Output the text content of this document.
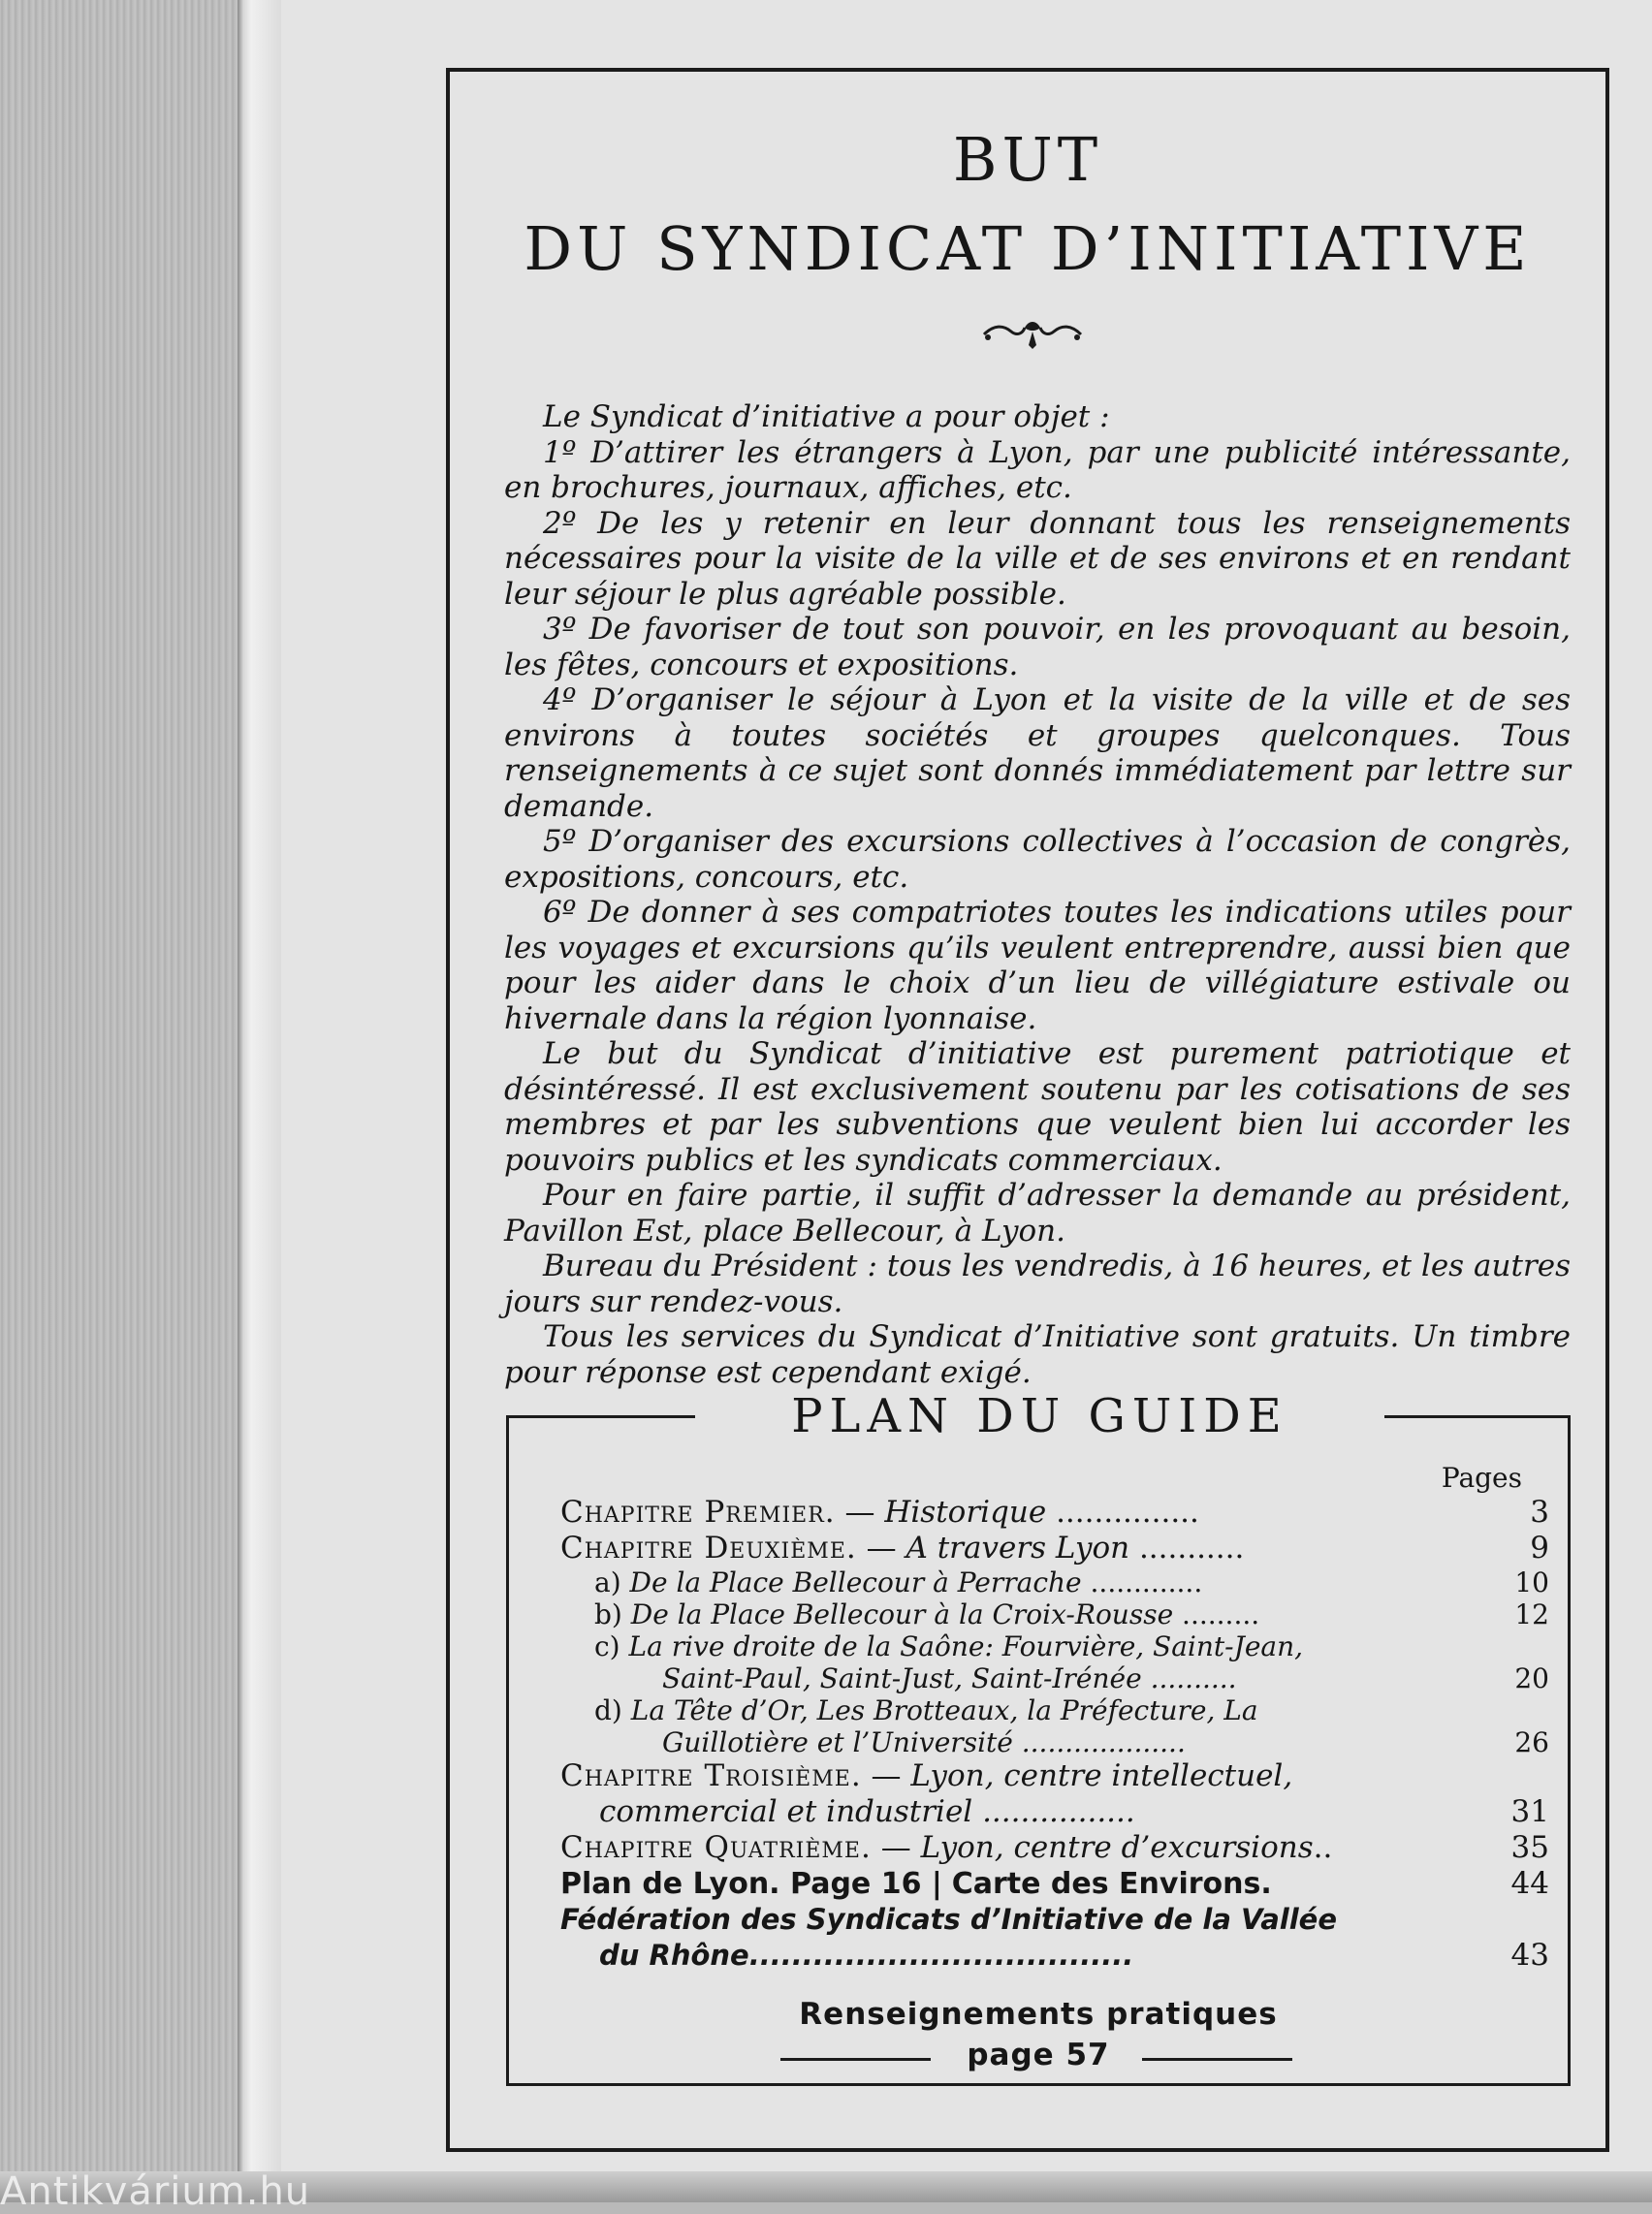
BUT
DU SYNDICAT D’INITIATIVE

Le Syndicat d’initiative a pour objet :

1º D’attirer les étrangers à Lyon, par une publicité intéressante, en brochures, journaux, affiches, etc.

2º De les y retenir en leur donnant tous les renseignements nécessaires pour la visite de la ville et de ses environs et en rendant leur séjour le plus agréable possible.

3º De favoriser de tout son pouvoir, en les provoquant au besoin, les fêtes, concours et expositions.

4º D’organiser le séjour à Lyon et la visite de la ville et de ses environs à toutes sociétés et groupes quelconques. Tous renseignements à ce sujet sont donnés immédiatement par lettre sur demande.

5º D’organiser des excursions collectives à l’occasion de congrès, expositions, concours, etc.

6º De donner à ses compatriotes toutes les indications utiles pour les voyages et excursions qu’ils veulent entreprendre, aussi bien que pour les aider dans le choix d’un lieu de villégiature estivale ou hivernale dans la région lyonnaise.

Le but du Syndicat d’initiative est purement patriotique et désintéressé. Il est exclusivement soutenu par les cotisations de ses membres et par les subventions que veulent bien lui accorder les pouvoirs publics et les syndicats commerciaux.

Pour en faire partie, il suffit d’adresser la demande au président, Pavillon Est, place Bellecour, à Lyon.

Bureau du Président : tous les vendredis, à 16 heures, et les autres jours sur rendez-vous.

Tous les services du Syndicat d’Initiative sont gratuits. Un timbre pour réponse est cependant exigé.

PLAN DU GUIDE
Pages
Chapitre Premier. — Historique ...............	3
Chapitre Deuxième. — A travers Lyon ...........	9
a) De la Place Bellecour à Perrache .............	10
b) De la Place Bellecour à la Croix-Rousse .........	12
c) La rive droite de la Saône: Fourvière, Saint-Jean,
Saint-Paul, Saint-Just, Saint-Irénée ..........	20
d) La Tête d’Or, Les Brotteaux, la Préfecture, La
Guillotière et l’Université ...................	26
Chapitre Troisième. — Lyon, centre intellectuel,
commercial et industriel ................	31
Chapitre Quatrième. — Lyon, centre d’excursions..	35
Plan de Lyon. Page 16 | Carte des Environs.	44
Fédération des Syndicats d’Initiative de la Vallée
du Rhône....................................	43
Renseignements pratiques
page 57
Antikvárium.hu
